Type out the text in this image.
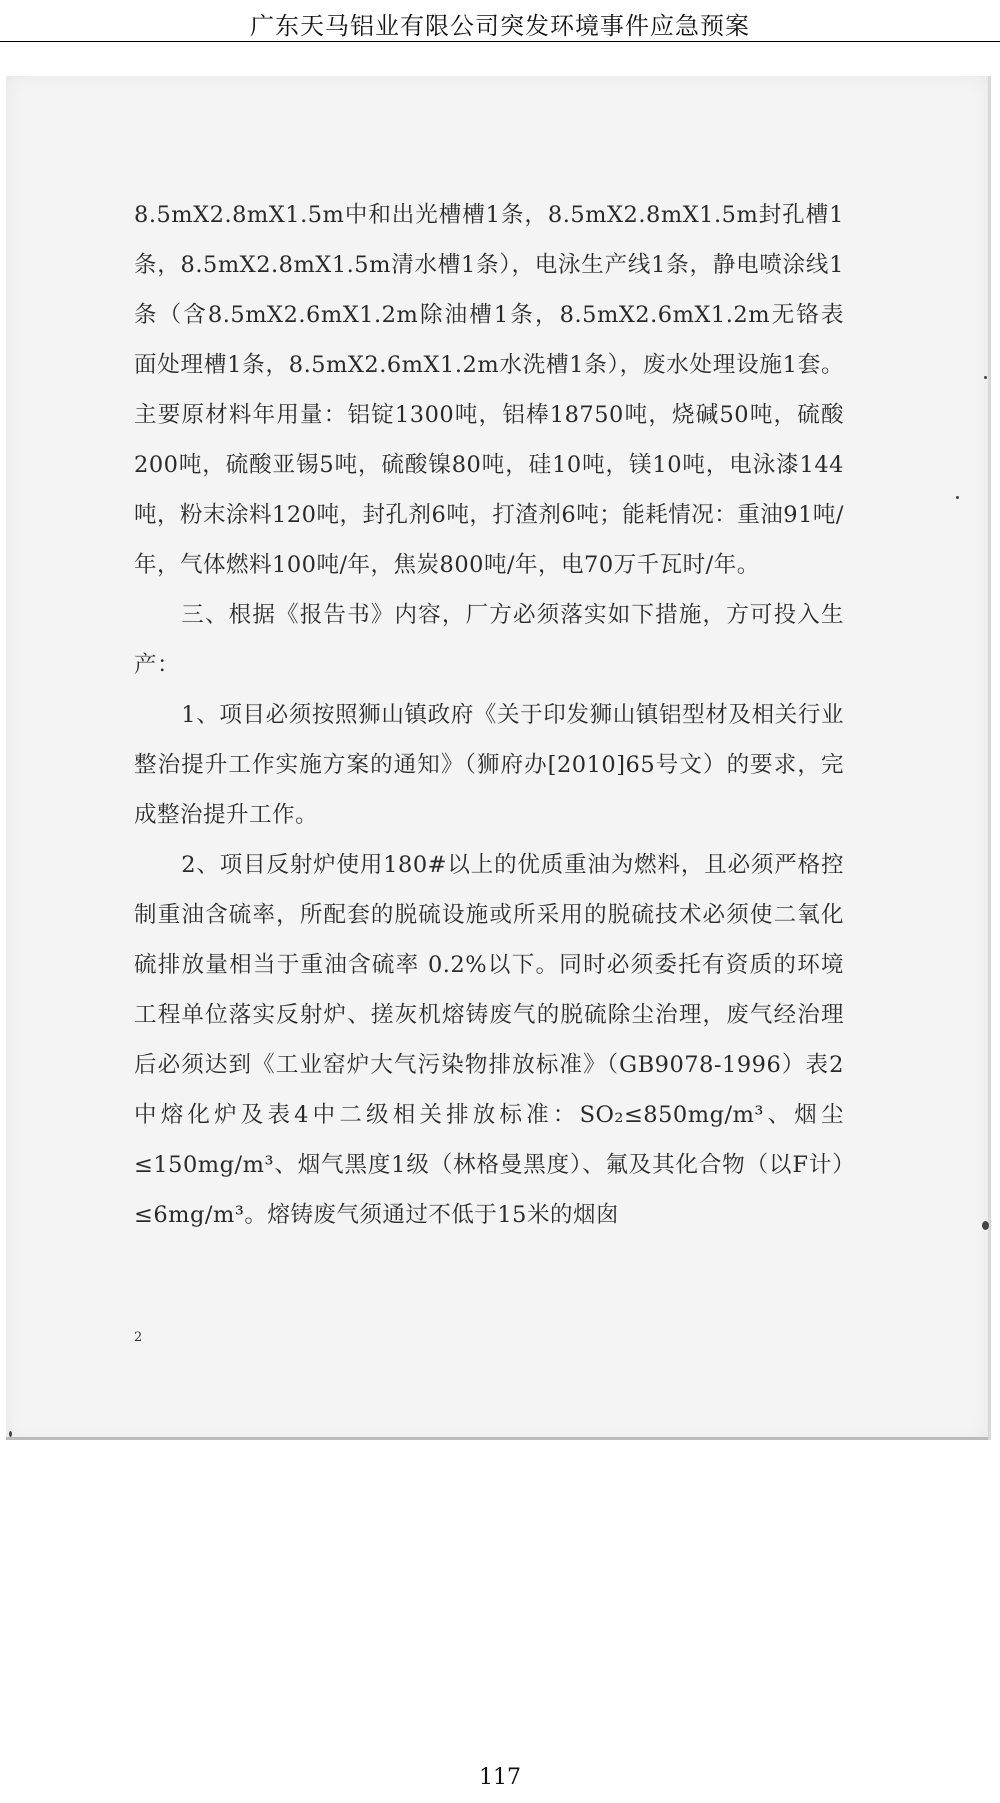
广东天马铝业有限公司突发环境事件应急预案

8.5mX2.8mX1.5m中和出光槽槽1条，8.5mX2.8mX1.5m封孔槽1条，8.5mX2.8mX1.5m清水槽1条），电泳生产线1条，静电喷涂线1条（含8.5mX2.6mX1.2m除油槽1条，8.5mX2.6mX1.2m无铬表面处理槽1条，8.5mX2.6mX1.2m水洗槽1条），废水处理设施1套。主要原材料年用量：铝锭1300吨，铝棒18750吨，烧碱50吨，硫酸200吨，硫酸亚锡5吨，硫酸镍80吨，硅10吨，镁10吨，电泳漆144吨，粉末涂料120吨，封孔剂6吨，打渣剂6吨；能耗情况：重油91吨/年，气体燃料100吨/年，焦炭800吨/年，电70万千瓦时/年。

三、根据《报告书》内容，厂方必须落实如下措施，方可投入生产：

1、项目必须按照狮山镇政府《关于印发狮山镇铝型材及相关行业整治提升工作实施方案的通知》（狮府办[2010]65号文）的要求，完成整治提升工作。

2、项目反射炉使用180#以上的优质重油为燃料，且必须严格控制重油含硫率，所配套的脱硫设施或所采用的脱硫技术必须使二氧化硫排放量相当于重油含硫率 0.2%以下。同时必须委托有资质的环境工程单位落实反射炉、搓灰机熔铸废气的脱硫除尘治理，废气经治理后必须达到《工业窑炉大气污染物排放标准》（GB9078-1996）表2中熔化炉及表4中二级相关排放标准：SO₂≤850mg/m³、烟尘≤150mg/m³、烟气黑度1级（林格曼黑度）、氟及其化合物（以F计）≤6mg/m³。熔铸废气须通过不低于15米的烟囱

2
117
